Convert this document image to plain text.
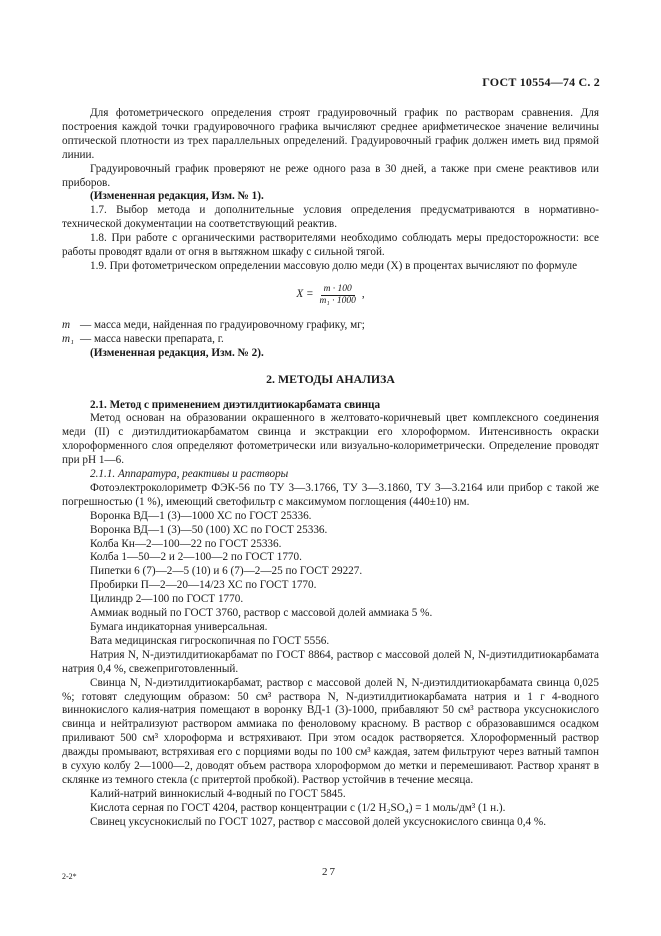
ГОСТ 10554—74 С. 2

Для фотометрического определения строят градуировочный график по растворам сравнения. Для построения каждой точки градуировочного графика вычисляют среднее арифметическое значение величины оптической плотности из трех параллельных определений. Градуировочный график должен иметь вид прямой линии.

Градуировочный график проверяют не реже одного раза в 30 дней, а также при смене реактивов или приборов.

(Измененная редакция, Изм. № 1).

1.7. Выбор метода и дополнительные условия определения предусматриваются в нормативно-технической документации на соответствующий реактив.

1.8. При работе с органическими растворителями необходимо соблюдать меры предосторожности: все работы проводят вдали от огня в вытяжном шкафу с сильной тягой.

1.9. При фотометрическом определении массовую долю меди (X) в процентах вычисляют по формуле

$X = \frac{m \cdot 100}{\text{m₁ · 1000}}$ ,
m — масса меди, найденная по градуировочному графику, мг;
m₁ — масса навески препарата, г.

(Измененная редакция, Изм. № 2).

2. МЕТОДЫ АНАЛИЗА

2.1. Метод с применением диэтилдитиокарбамата свинца

Метод основан на образовании окрашенного в желтовато-коричневый цвет комплексного соединения меди (II) с диэтилдитиокарбаматом свинца и экстракции его хлороформом. Интенсивность окраски хлороформенного слоя определяют фотометрически или визуально-колориметрически. Определение проводят при pH 1—6.

2.1.1. Аппаратура, реактивы и растворы

Фотоэлектроколориметр ФЭК-56 по ТУ 3—3.1766, ТУ 3—3.1860, ТУ 3—3.2164 или прибор с такой же погрешностью (1 %), имеющий светофильтр с максимумом поглощения (440±10) нм.

Воронка ВД—1 (3)—1000 ХС по ГОСТ 25336.

Воронка ВД—1 (3)—50 (100) ХС по ГОСТ 25336.

Колба Кн—2—100—22 по ГОСТ 25336.

Колба 1—50—2 и 2—100—2 по ГОСТ 1770.

Пипетки 6 (7)—2—5 (10) и 6 (7)—2—25 по ГОСТ 29227.

Пробирки П—2—20—14/23 ХС по ГОСТ 1770.

Цилиндр 2—100 по ГОСТ 1770.

Аммиак водный по ГОСТ 3760, раствор с массовой долей аммиака 5 %.

Бумага индикаторная универсальная.

Вата медицинская гигроскопичная по ГОСТ 5556.

Натрия N, N-диэтилдитиокарбамат по ГОСТ 8864, раствор с массовой долей N, N-диэтилдитиокарбамата натрия 0,4 %, свежеприготовленный.

Свинца N, N-диэтилдитиокарбамат, раствор с массовой долей N, N-диэтилдитиокарбамата свинца 0,025 %; готовят следующим образом: 50 см³ раствора N, N-диэтилдитиокарбамата натрия и 1 г 4-водного виннокислого калия-натрия помещают в воронку ВД-1 (3)-1000, прибавляют 50 см³ раствора уксуснокислого свинца и нейтрализуют раствором аммиака по феноловому красному. В раствор с образовавшимся осадком приливают 500 см³ хлороформа и встряхивают. При этом осадок растворяется. Хлороформенный раствор дважды промывают, встряхивая его с порциями воды по 100 см³ каждая, затем фильтруют через ватный тампон в сухую колбу 2—1000—2, доводят объем раствора хлороформом до метки и перемешивают. Раствор хранят в склянке из темного стекла (с притертой пробкой). Раствор устойчив в течение месяца.

Калий-натрий виннокислый 4-водный по ГОСТ 5845.

Кислота серная по ГОСТ 4204, раствор концентрации c (1/2 H₂SO₄) = 1 моль/дм³ (1 н.).

Свинец уксуснокислый по ГОСТ 1027, раствор с массовой долей уксуснокислого свинца 0,4 %.

2-2*	27
